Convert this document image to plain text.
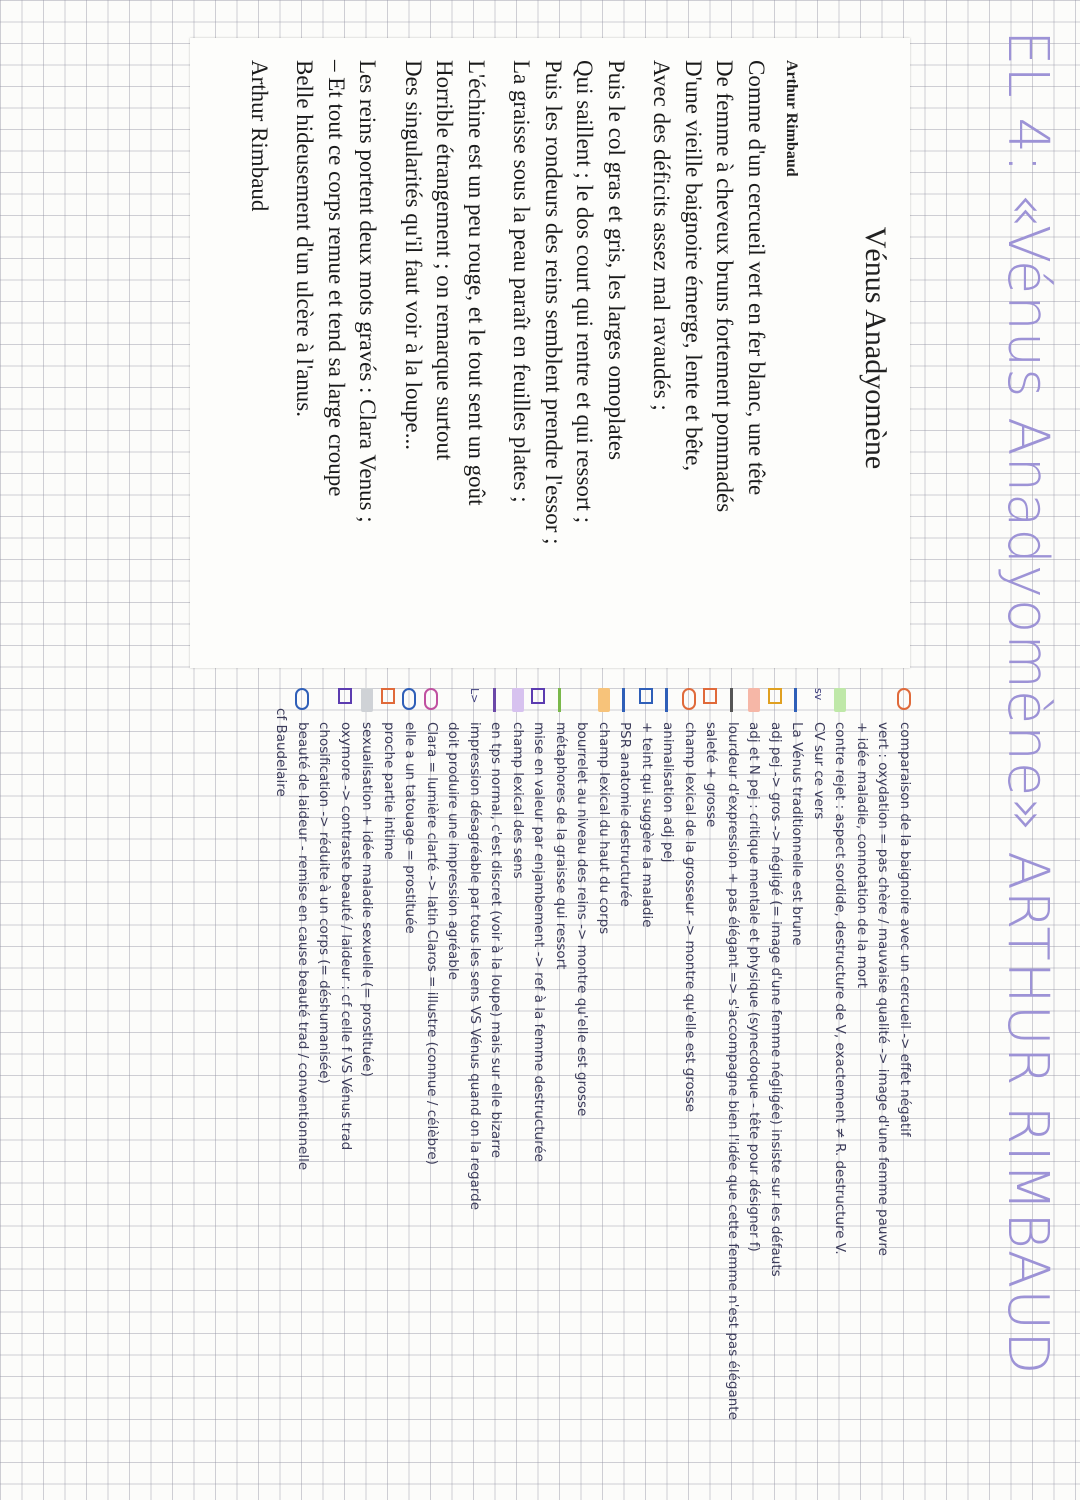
EL 4: «Vénus Anadyomène» ARTHUR RIMBAUD
Vénus Anadyomène
Arthur Rimbaud
Comme d'un cercueil vert en fer blanc, une tête
De femme à cheveux bruns fortement pommadés
D'une vieille baignoire émerge, lente et bête,
Avec des déficits assez mal ravaudés ;
Puis le col gras et gris, les larges omoplates
Qui saillent ; le dos court qui rentre et qui ressort ;
Puis les rondeurs des reins semblent prendre l'essor ;
La graisse sous la peau paraît en feuilles plates ;
L'échine est un peu rouge, et le tout sent un goût
Horrible étrangement ; on remarque surtout
Des singularités qu'il faut voir à la loupe...
Les reins portent deux mots gravés : Clara Venus ;
– Et tout ce corps remue et tend sa large croupe
Belle hideusement d'un ulcère à l'anus.
Arthur Rimbaud
comparaison de la baignoire avec un cercueil -> effet négatif
vert : oxydation = pas chère / mauvaise qualité -> image d'une femme pauvre
+ idée maladie, connotation de la mort
contre rejet : aspect sordide, destructure de V, exactement ≠ R. destructure V.
sv
CV sur ce vers
La Vénus traditionnelle est brune
adj pej -> gros -> négligé (= image d'une femme négligée) insiste sur les défauts
adj et N pej : critique mentale et physique (synecdoque - tête pour désigner f)
lourdeur d'expression + pas élégant => s'accompagne bien l'idée que cette femme n'est pas élégante
saleté + grosse
champ lexical de la grosseur -> montre qu'elle est grosse
animalisation adj pej
+ teint qui suggère la maladie
PSR anatomie destructurée
champ lexical du haut du corps
bourrelet au niveau des reins -> montre qu'elle est grosse
métaphores de la graisse qui ressort
mise en valeur par enjambement -> ref à la femme destructurée
champ lexical des sens
en tps normal, c'est discret (voir à la loupe) mais sur elle bizarre
L>
impression désagréable par tous les sens VS Vénus quand on la regarde
doit produire une impression agréable
Clara = lumière clarté -> latin Claros = illustre (connue / célèbre)
elle a un tatouage = prostituée
proche partie intime
sexualisation + idée maladie sexuelle (= prostituée)
oxymore -> contraste beauté / laideur : cf celle f VS Vénus trad
chosification -> réduite à un corps (= déshumanisée)
beauté de laideur - remise en cause beauté trad / conventionnelle
cf Baudelaire
